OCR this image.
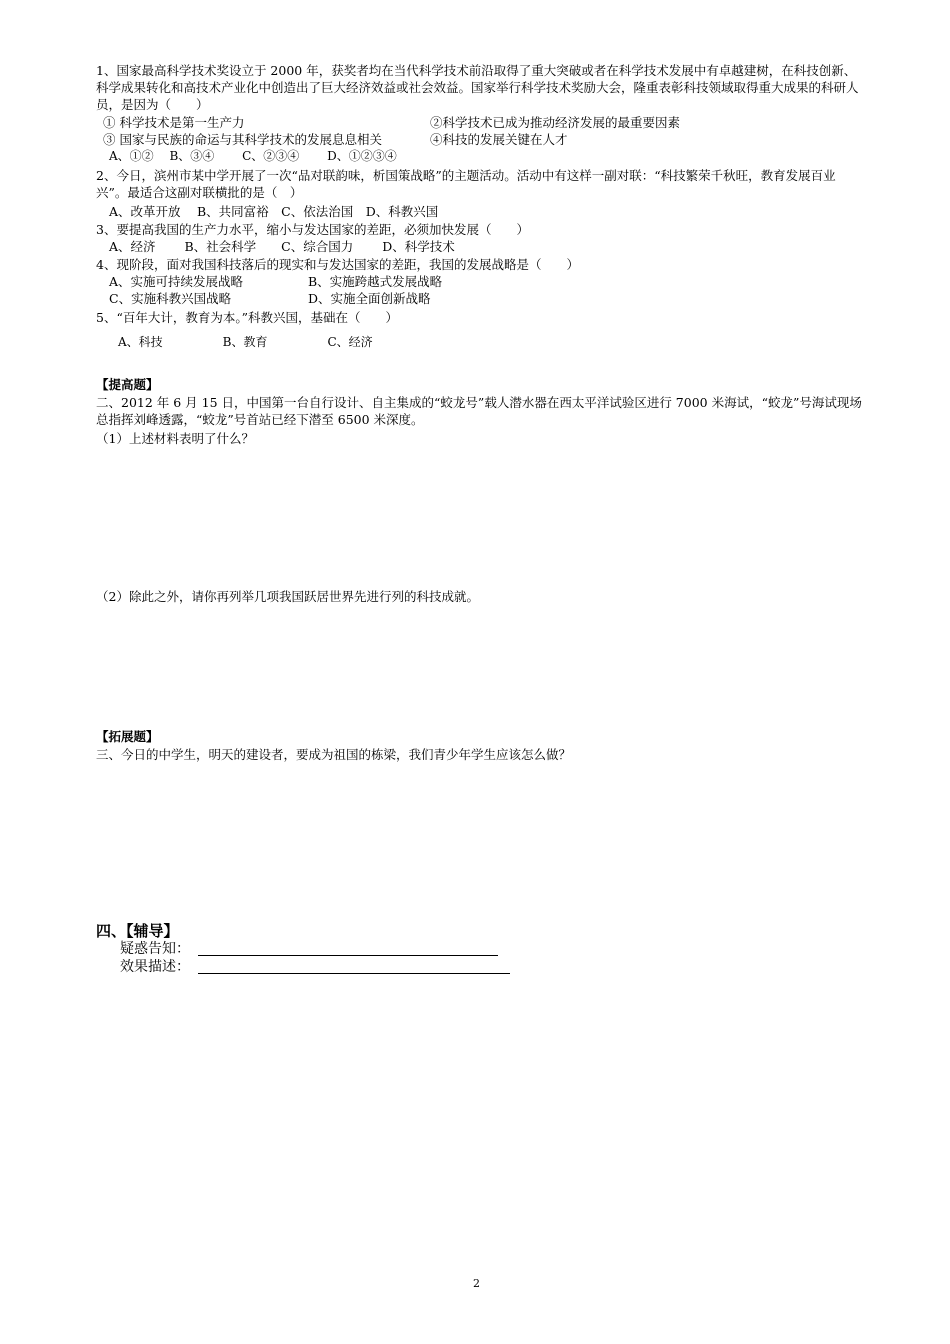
1、国家最高科学技术奖设立于 2000 年，获奖者均在当代科学技术前沿取得了重大突破或者在科学技术发展中有卓越建树，在科技创新、科学成果转化和高技术产业化中创造出了巨大经济效益或社会效益。国家举行科学技术奖励大会，隆重表彰科技领域取得重大成果的科研人员，是因为（　　）
① 科学技术是第一生产力	②科学技术已成为推动经济发展的最重要因素
③ 国家与民族的命运与其科学技术的发展息息相关	④科技的发展关键在人才
A、①②　 B、③④　　 C、②③④　　 D、①②③④
2、今日，滨州市某中学开展了一次“品对联韵味，析国策战略”的主题活动。活动中有这样一副对联：“科技繁荣千秋旺，教育发展百业兴”。最适合这副对联横批的是（　）
A、改革开放　 B、共同富裕　C、依法治国　D、科教兴国
3、要提高我国的生产力水平，缩小与发达国家的差距，必须加快发展（　　）
A、经济　　 B、社会科学　　C、综合国力　　 D、科学技术
4、现阶段，面对我国科技落后的现实和与发达国家的差距，我国的发展战略是（　　）
A、实施可持续发展战略	B、实施跨越式发展战略
C、实施科教兴国战略	D、实施全面创新战略
5、“百年大计，教育为本。”科教兴国，基础在（　　）
A、科技　　　　　B、教育　　　　　C、经济
【提高题】
二、2012 年 6 月 15 日，中国第一台自行设计、自主集成的“蛟龙号”载人潜水器在西太平洋试验区进行 7000 米海试，“蛟龙”号海试现场总指挥刘峰透露，“蛟龙”号首站已经下潜至 6500 米深度。
（1）上述材料表明了什么？
（2）除此之外，请你再列举几项我国跃居世界先进行列的科技成就。
【拓展题】
三、今日的中学生，明天的建设者，要成为祖国的栋梁，我们青少年学生应该怎么做？
四、【辅导】
疑惑告知：
效果描述：
2
